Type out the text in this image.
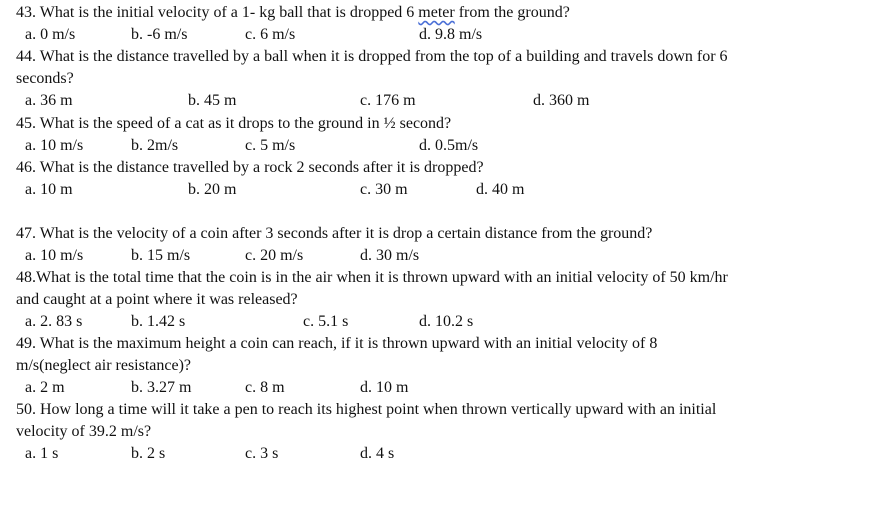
43. What is the initial velocity of a 1- kg ball that is dropped 6 meter from the ground?
a. 0 m/s	b. -6 m/s	c. 6 m/s	d. 9.8 m/s
44. What is the distance travelled by a ball when it is dropped from the top of a building and travels down for 6
seconds?
a. 36 m	b. 45 m	c. 176 m	d. 360 m
45. What is the speed of a cat as it drops to the ground in ½ second?
a. 10 m/s	b. 2m/s	c. 5 m/s	d. 0.5m/s
46. What is the distance travelled by a rock 2 seconds after it is dropped?
a. 10 m	b. 20 m	c. 30 m	d. 40 m
47. What is the velocity of a coin after 3 seconds after it is drop a certain distance from the ground?
a. 10 m/s	b. 15 m/s	c. 20 m/s	d. 30 m/s
48.What is the total time that the coin is in the air when it is thrown upward with an initial velocity of 50 km/hr
and caught at a point where it was released?
a. 2. 83 s	b. 1.42 s	c. 5.1 s	d. 10.2 s
49. What is the maximum height a coin can reach, if it is thrown upward with an initial velocity of 8
m/s(neglect air resistance)?
a. 2 m	b. 3.27 m	c. 8 m	d. 10 m
50. How long a time will it take a pen to reach its highest point when thrown vertically upward with an initial
velocity of 39.2 m/s?
a. 1 s	b. 2 s	c. 3 s	d. 4 s
